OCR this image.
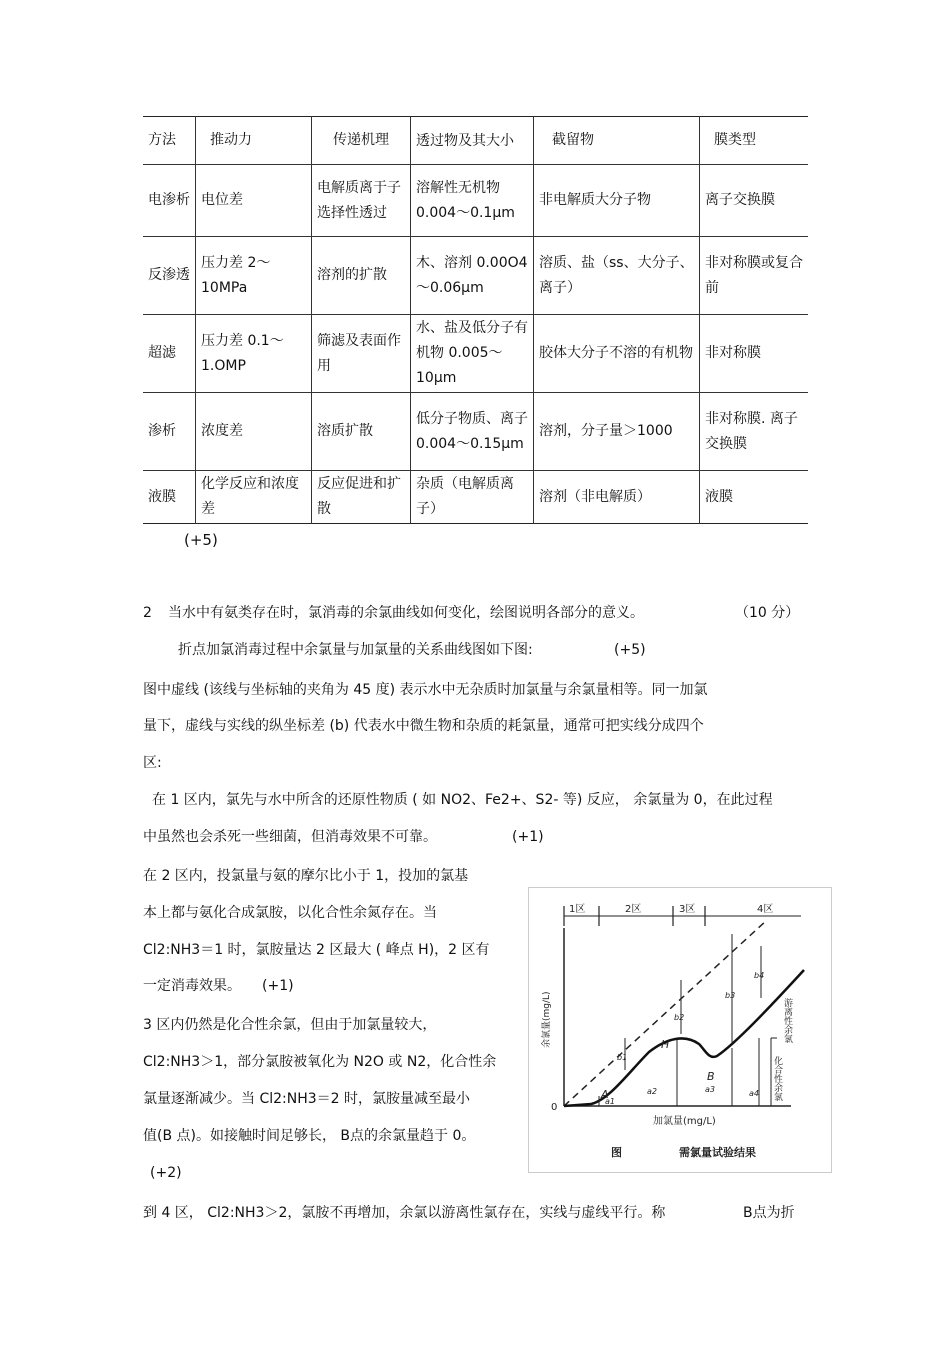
方法	推动力	传递机理	透过物及其大小	截留物	膜类型
电渗析	电位差	电解质离于子选择性透过	溶解性无机物 0.004～0.1μm	非电解质大分子物	离子交换膜
反渗透	压力差 2～10MPa	溶剂的扩散	木、溶剂 0.00O4～0.06μm	溶质、盐（ss、大分子、离子）	非对称膜或复合前
超滤	压力差 0.1～1.OMP	筛滤及表面作用	水、盐及低分子有机物 0.005～10μm	胶体大分子不溶的有机物	非对称膜
渗析	浓度差	溶质扩散	低分子物质、离子 0.004～0.15μm	溶剂，分子量＞1000	非对称膜. 离子交换膜
液膜	化学反应和浓度差	反应促进和扩散	杂质（电解质离子）	溶剂（非电解质）	液膜
(+5)
2 当水中有氨类存在时，氯消毒的余氯曲线如何变化，绘图说明各部分的意义。	（10 分）
折点加氯消毒过程中余氯量与加氯量的关系曲线图如下图:	(+5)
图中虚线 (该线与坐标轴的夹角为 45 度) 表示水中无杂质时加氯量与余氯量相等。同一加氯
量下，虚线与实线的纵坐标差 (b) 代表水中微生物和杂质的耗氯量，通常可把实线分成四个
区:
在 1 区内，氯先与水中所含的还原性物质 ( 如 NO2、Fe2+、S2- 等) 反应， 余氯量为 0，在此过程
中虽然也会杀死一些细菌，但消毒效果不可靠。	(+1)
在 2 区内，投氯量与氨的摩尔比小于 1，投加的氯基
本上都与氨化合成氯胺，以化合性余氮存在。当
Cl2:NH3＝1 时，氯胺量达 2 区最大 ( 峰点 H)，2 区有
一定消毒效果。 (+1)
3 区内仍然是化合性余氯，但由于加氯量较大，
Cl2:NH3＞1，部分氯胺被氧化为 N2O 或 N2，化合性余
氯量逐渐减少。当 Cl2:NH3＝2 时，氯胺量减至最小
值(B 点)。如接触时间足够长， B点的余氯量趋于 0。
(+2)
到 4 区， Cl2:NH3＞2，氯胺不再增加，余氯以游离性氯存在，实线与虚线平行。称	B点为折
1区	2区	3区	4区
0
余氯量(mg/L)
加氯量(mg/L)
A
H
B
a1
a2	a3	a4
b1
b2
b3
b4
游离性余氯
化合性余氯
图	需氯量试验结果
